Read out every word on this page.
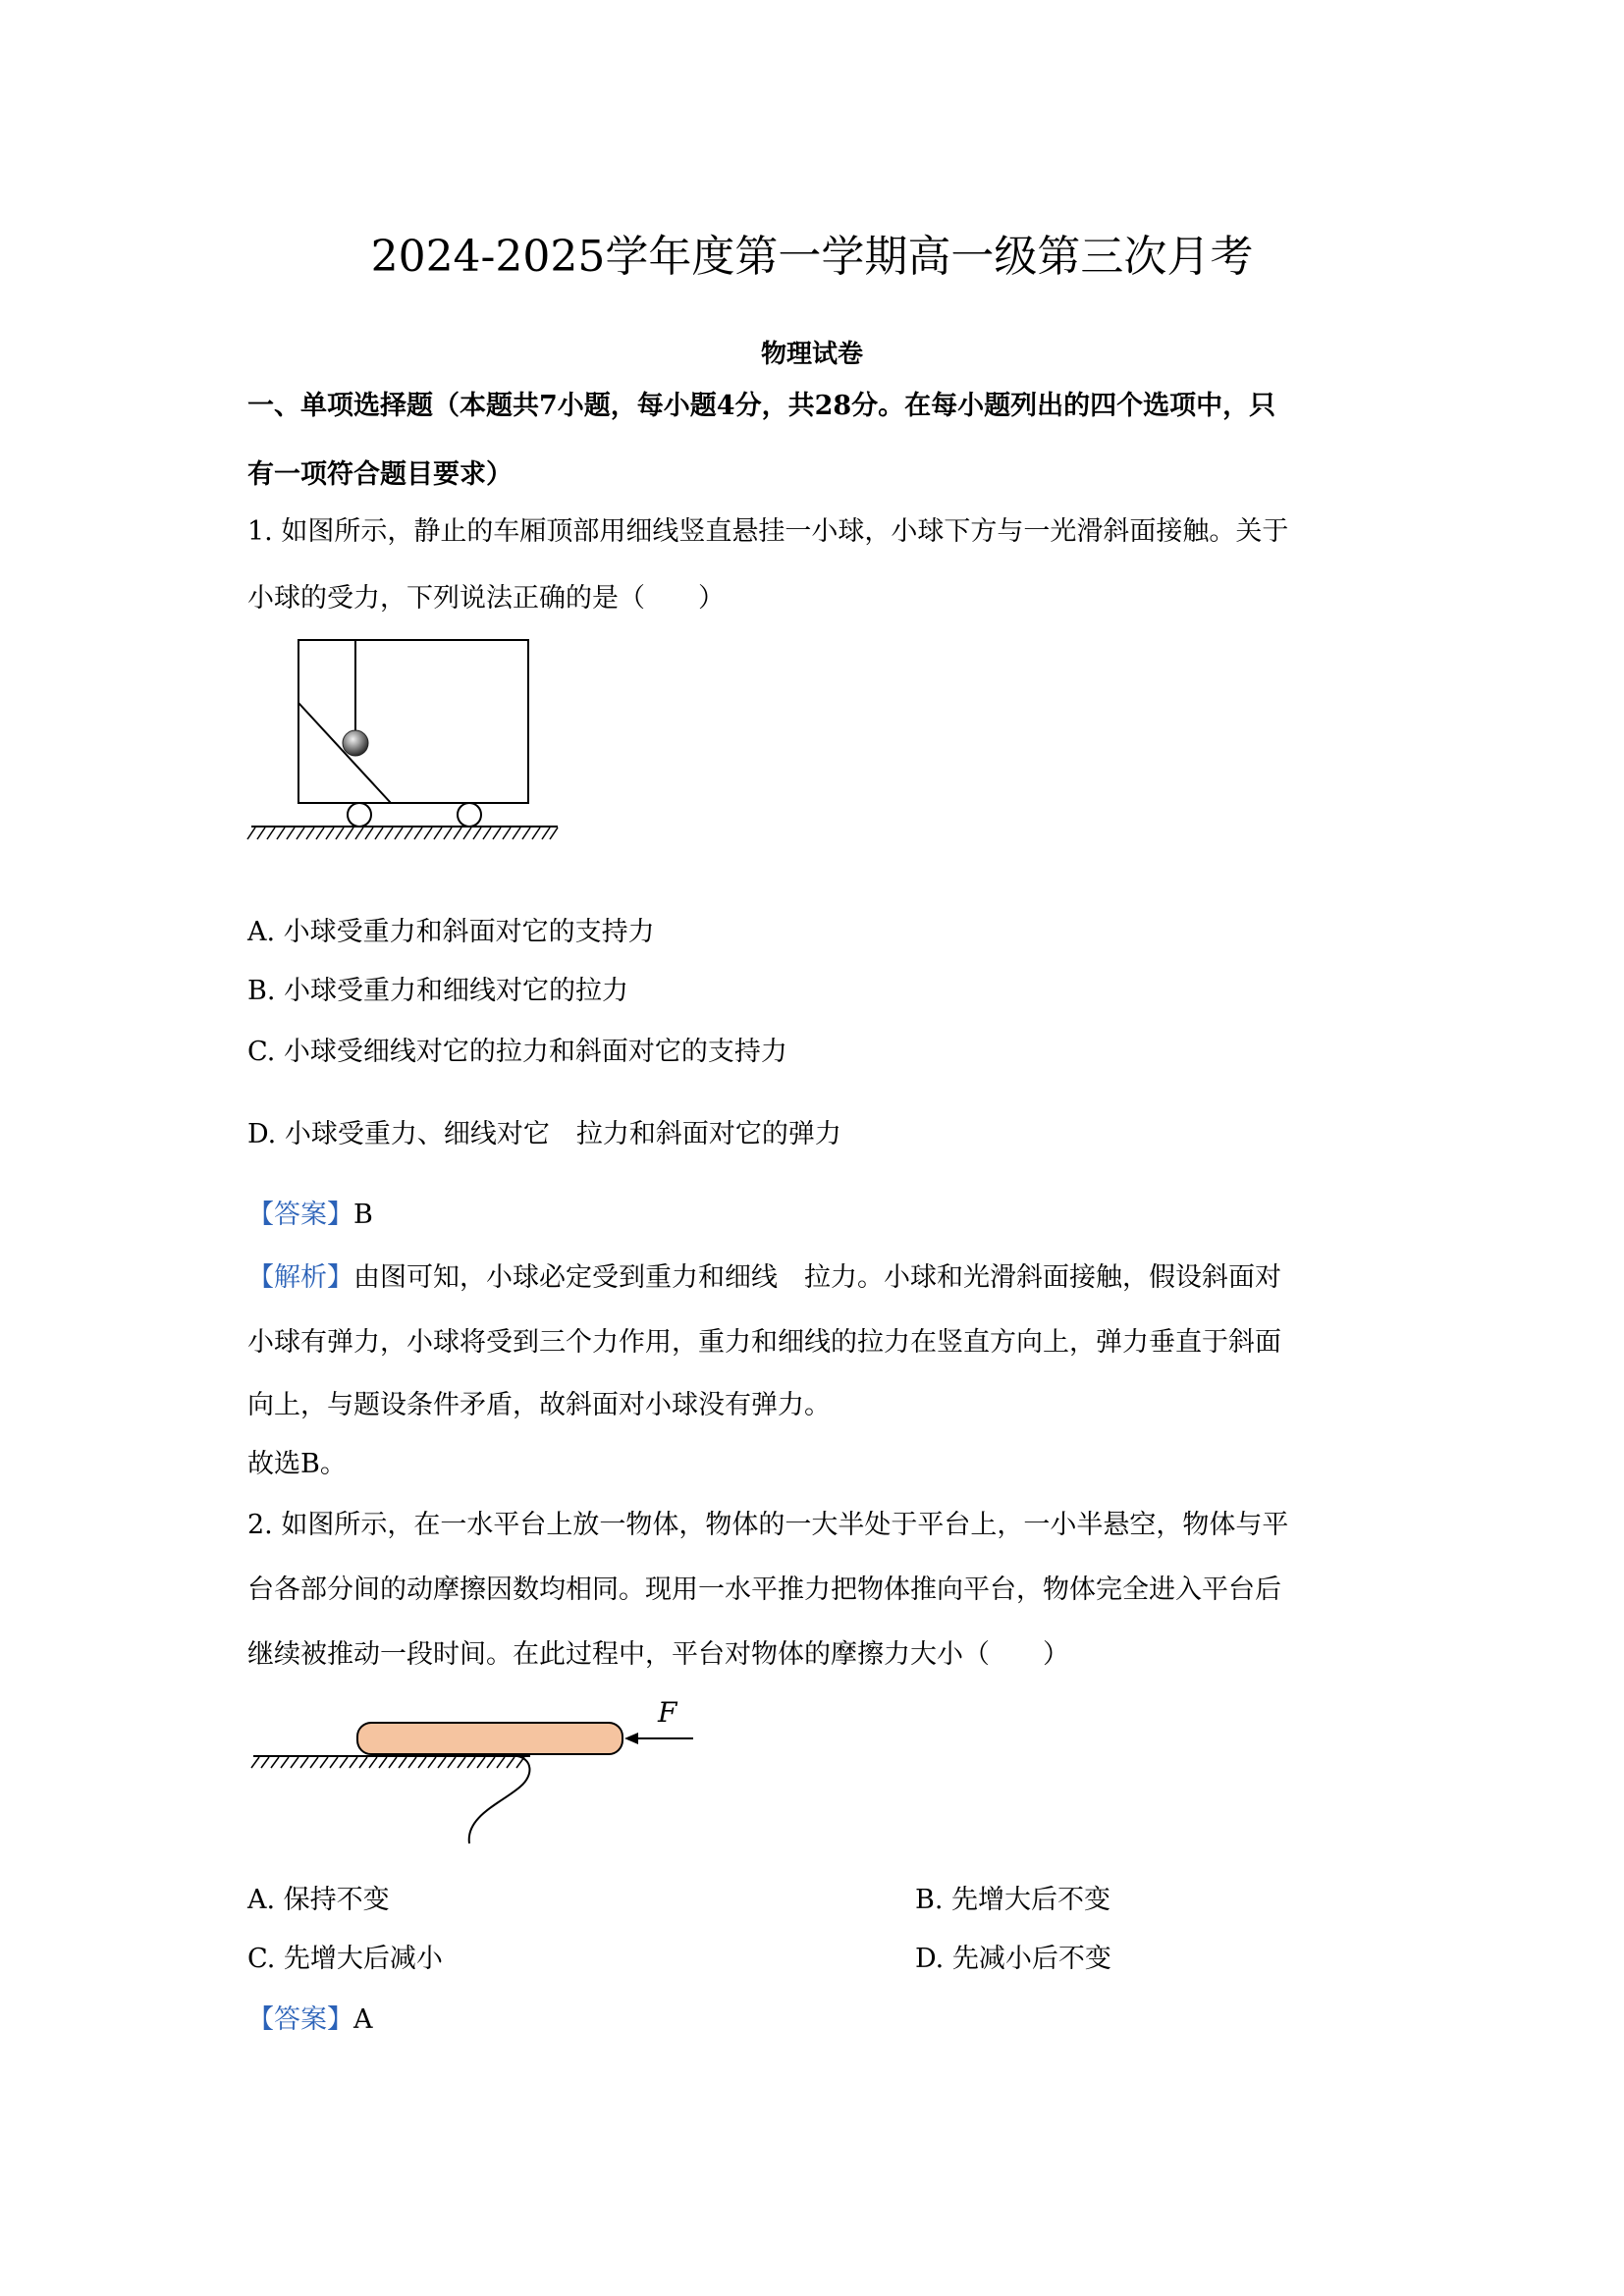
2024-2025学年度第一学期高一级第三次月考
物理试卷
一、单项选择题（本题共7小题，每小题4分，共28分。在每小题列出的四个选项中，只
有一项符合题目要求）
1. 如图所示，静止的车厢顶部用细线竖直悬挂一小球，小球下方与一光滑斜面接触。关于
小球的受力，下列说法正确的是（　　）
A. 小球受重力和斜面对它的支持力
B. 小球受重力和细线对它的拉力
C. 小球受细线对它的拉力和斜面对它的支持力
D. 小球受重力、细线对它　拉力和斜面对它的弹力
【答案】B
【解析】由图可知，小球必定受到重力和细线　拉力。小球和光滑斜面接触，假设斜面对
小球有弹力，小球将受到三个力作用，重力和细线的拉力在竖直方向上，弹力垂直于斜面
向上，与题设条件矛盾，故斜面对小球没有弹力。
故选B。
2. 如图所示，在一水平台上放一物体，物体的一大半处于平台上，一小半悬空，物体与平
台各部分间的动摩擦因数均相同。现用一水平推力把物体推向平台，物体完全进入平台后
继续被推动一段时间。在此过程中，平台对物体的摩擦力大小（　　）
F
A. 保持不变	B. 先增大后不变
C. 先增大后减小	D. 先减小后不变
【答案】A
